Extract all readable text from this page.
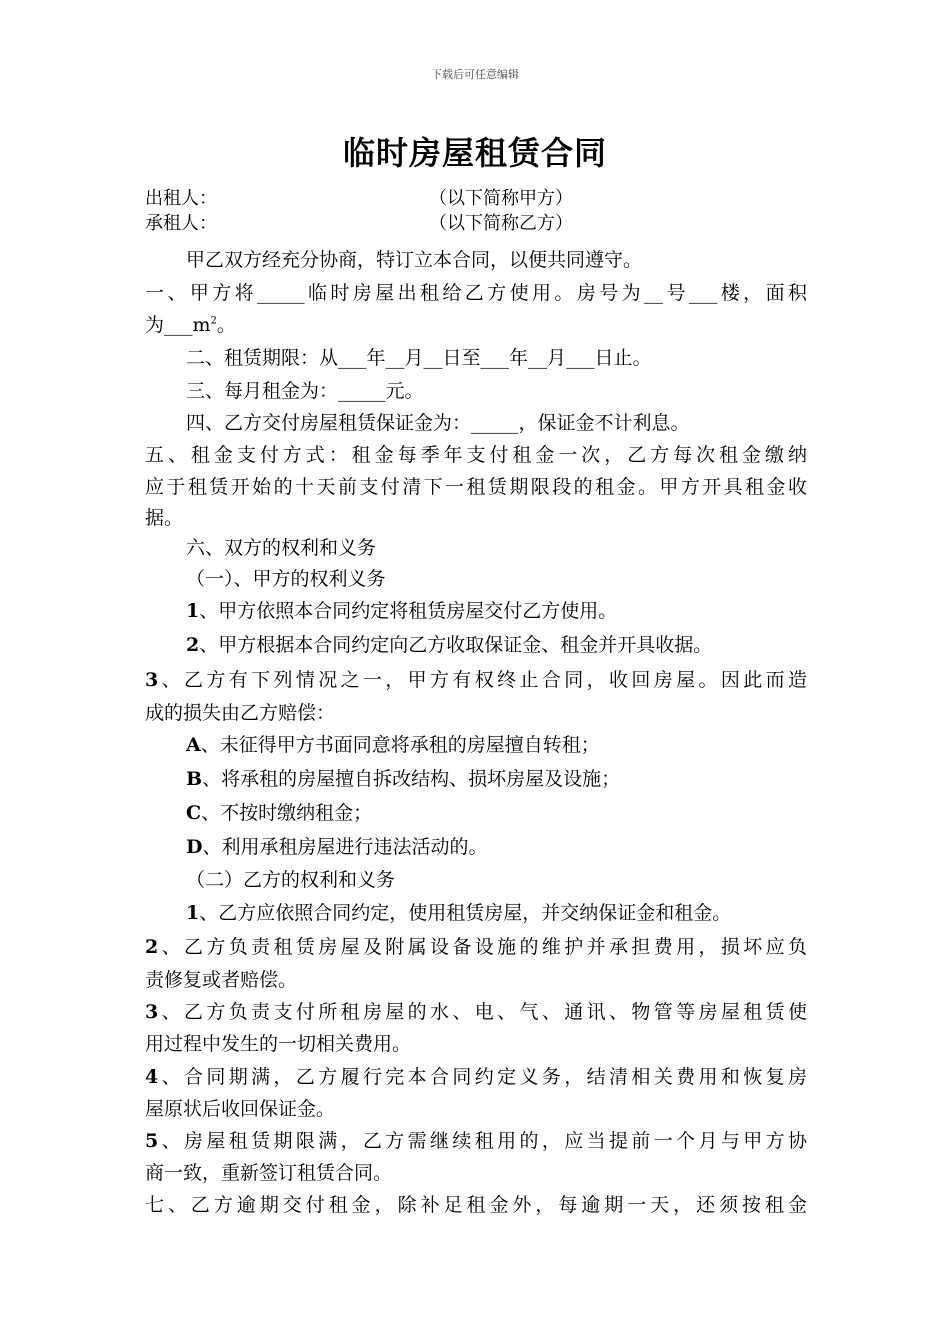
下载后可任意编辑
临时房屋租赁合同
出租人：	（以下简称甲方）
承租人：	（以下简称乙方）
甲乙双方经充分协商，特订立本合同，以便共同遵守。
一、甲方将_____临时房屋出租给乙方使用。房号为__号___楼，面积
为$\_\_\_m^2$。
二、租赁期限：从___年__月__日至___年__月___日止。
三、每月租金为：_____元。
四、乙方交付房屋租赁保证金为：_____，保证金不计利息。
五、租金支付方式：租金每季年支付租金一次，乙方每次租金缴纳
应于租赁开始的十天前支付清下一租赁期限段的租金。甲方开具租金收
据。
六、双方的权利和义务
（一）、甲方的权利义务
1、甲方依照本合同约定将租赁房屋交付乙方使用。
2、甲方根据本合同约定向乙方收取保证金、租金并开具收据。
3、乙方有下列情况之一，甲方有权终止合同，收回房屋。因此而造
成的损失由乙方赔偿：
A、未征得甲方书面同意将承租的房屋擅自转租；
B、将承租的房屋擅自拆改结构、损坏房屋及设施；
C、不按时缴纳租金；
D、利用承租房屋进行违法活动的。
（二）乙方的权利和义务
1、乙方应依照合同约定，使用租赁房屋，并交纳保证金和租金。
2、乙方负责租赁房屋及附属设备设施的维护并承担费用，损坏应负
责修复或者赔偿。
3、乙方负责支付所租房屋的水、电、气、通讯、物管等房屋租赁使
用过程中发生的一切相关费用。
4、合同期满，乙方履行完本合同约定义务，结清相关费用和恢复房
屋原状后收回保证金。
5、房屋租赁期限满，乙方需继续租用的，应当提前一个月与甲方协
商一致，重新签订租赁合同。
七、乙方逾期交付租金，除补足租金外，每逾期一天，还须按租金
